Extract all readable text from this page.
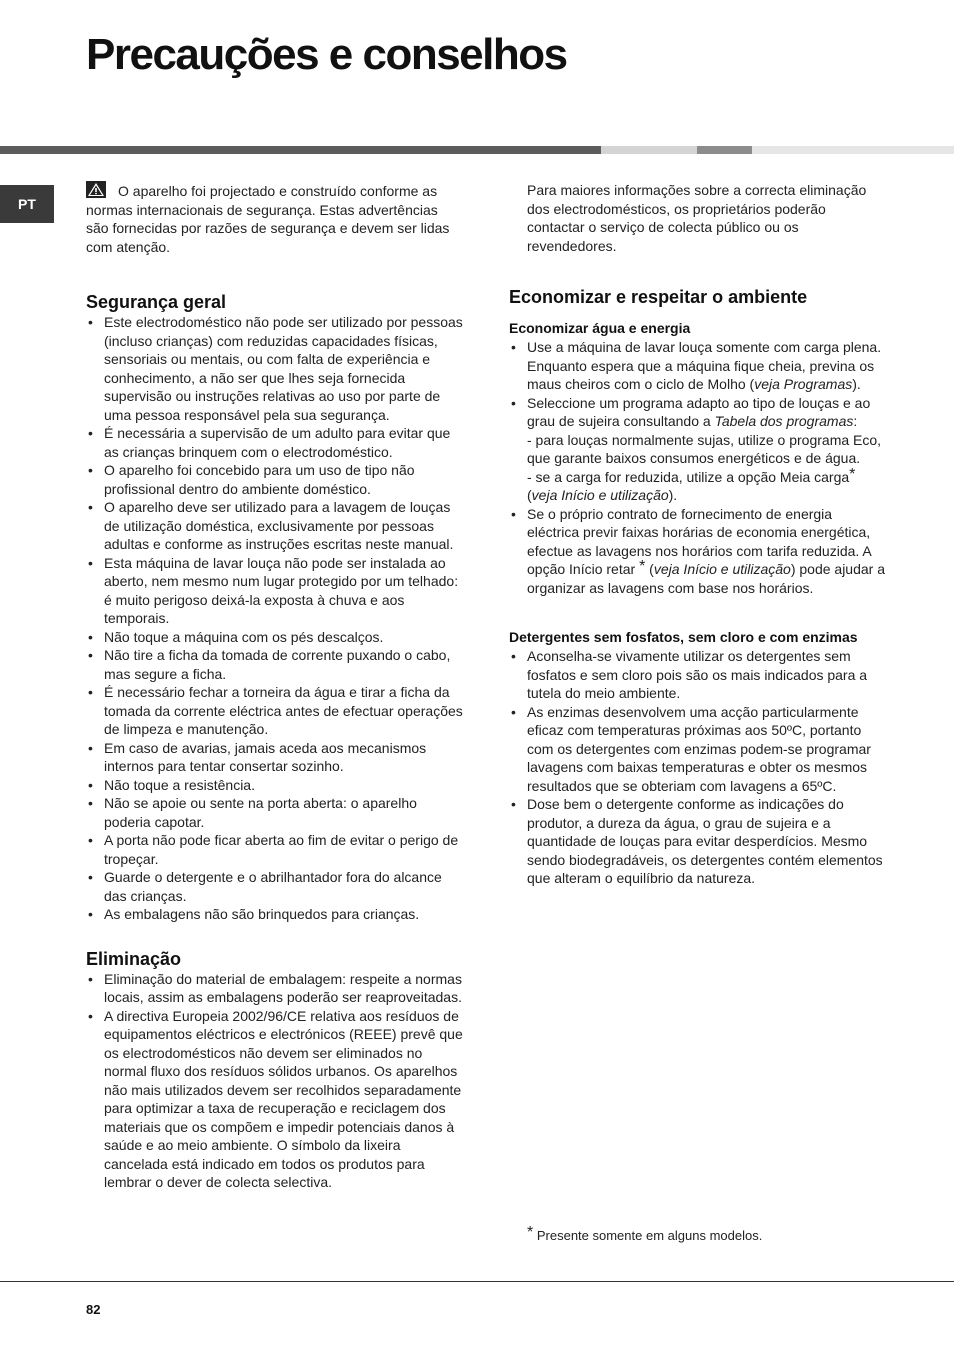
Precauções e conselhos
PT

O aparelho foi projectado e construído conforme as normas internacionais de segurança. Estas advertências são fornecidas por razões de segurança e devem ser lidas com atenção.

Segurança geral
• Este electrodoméstico não pode ser utilizado por pessoas (incluso crianças) com reduzidas capacidades físicas, sensoriais ou mentais, ou com falta de experiência e conhecimento, a não ser que lhes seja fornecida supervisão ou instruções relativas ao uso por parte de uma pessoa responsável pela sua segurança.
• É necessária a supervisão de um adulto para evitar que as crianças brinquem com o electrodoméstico.
• O aparelho foi concebido para um uso de tipo não profissional dentro do ambiente doméstico.
• O aparelho deve ser utilizado para a lavagem de louças de utilização doméstica, exclusivamente por pessoas adultas e conforme as instruções escritas neste manual.
• Esta máquina de lavar louça não pode ser instalada ao aberto, nem mesmo num lugar protegido por um telhado: é muito perigoso deixá-la exposta à chuva e aos temporais.
• Não toque a máquina com os pés descalços.
• Não tire a ficha da tomada de corrente puxando o cabo, mas segure a ficha.
• É necessário fechar a torneira da água e tirar a ficha da tomada da corrente eléctrica antes de efectuar operações de limpeza e manutenção.
• Em caso de avarias, jamais aceda aos mecanismos internos para tentar consertar sozinho.
• Não toque a resistência.
• Não se apoie ou sente na porta aberta: o aparelho poderia capotar.
• A porta não pode ficar aberta ao fim de evitar o perigo de tropeçar.
• Guarde o detergente e o abrilhantador fora do alcance das crianças.
• As embalagens não são brinquedos para crianças.
Eliminação
• Eliminação do material de embalagem: respeite a normas locais, assim as embalagens poderão ser reaproveitadas.
• A directiva Europeia 2002/96/CE relativa aos resíduos de equipamentos eléctricos e electrónicos (REEE) prevê que os electrodomésticos não devem ser eliminados no normal fluxo dos resíduos sólidos urbanos. Os aparelhos não mais utilizados devem ser recolhidos separadamente para optimizar a taxa de recuperação e reciclagem dos materiais que os compõem e impedir potenciais danos à saúde e ao meio ambiente. O símbolo da lixeira cancelada está indicado em todos os produtos para lembrar o dever de colecta selectiva.

Para maiores informações sobre a correcta eliminação dos electrodomésticos, os proprietários poderão contactar o serviço de colecta público ou os revendedores.

Economizar e respeitar o ambiente
Economizar água e energia
• Use a máquina de lavar louça somente com carga plena. Enquanto espera que a máquina fique cheia, previna os maus cheiros com o ciclo de Molho (veja Programas).
• Seleccione um programa adapto ao tipo de louças e ao grau de sujeira consultando a Tabela dos programas:
- para louças normalmente sujas, utilize o programa Eco, que garante baixos consumos energéticos e de água.
- se a carga for reduzida, utilize a opção Meia carga* (veja Início e utilização).
• Se o próprio contrato de fornecimento de energia eléctrica previr faixas horárias de economia energética, efectue as lavagens nos horários com tarifa reduzida. A opção Início retar * (veja Início e utilização) pode ajudar a organizar as lavagens com base nos horários.
Detergentes sem fosfatos, sem cloro e com enzimas
• Aconselha-se vivamente utilizar os detergentes sem fosfatos e sem cloro pois são os mais indicados para a tutela do meio ambiente.
• As enzimas desenvolvem uma acção particularmente eficaz com temperaturas próximas aos 50ºC, portanto com os detergentes com enzimas podem-se programar lavagens com baixas temperaturas e obter os mesmos resultados que se obteriam com lavagens a 65ºC.
• Dose bem o detergente conforme as indicações do produtor, a dureza da água, o grau de sujeira e a quantidade de louças para evitar desperdícios. Mesmo sendo biodegradáveis, os detergentes contém elementos que alteram o equilíbrio da natureza.
* Presente somente em alguns modelos.
82
